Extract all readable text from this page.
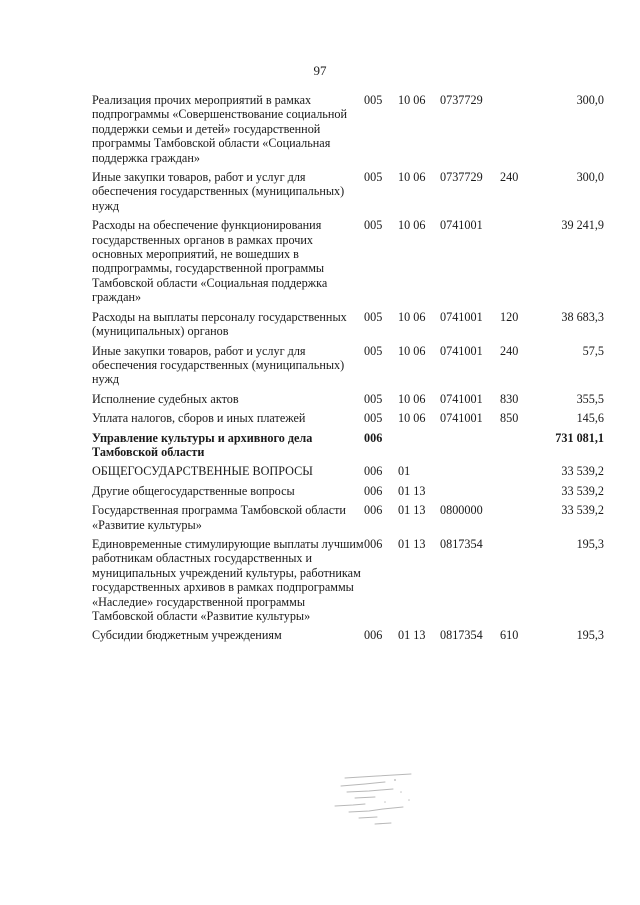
97
Реализация прочих мероприятий в рамках подпрограммы «Совершенствование социальной поддержки семьи и детей» государственной программы Тамбовской области «Социальная поддержка граждан»	005	10 06	0737729		300,0
Иные закупки товаров, работ и услуг для обеспечения государственных (муниципальных) нужд	005	10 06	0737729	240	300,0
Расходы на обеспечение функционирования государственных органов в рамках прочих основных мероприятий, не вошедших в подпрограммы, государственной программы Тамбовской области «Социальная поддержка граждан»	005	10 06	0741001		39 241,9
Расходы на выплаты персоналу государственных (муниципальных) органов	005	10 06	0741001	120	38 683,3
Иные закупки товаров, работ и услуг для обеспечения государственных (муниципальных) нужд	005	10 06	0741001	240	57,5
Исполнение судебных актов	005	10 06	0741001	830	355,5
Уплата налогов, сборов и иных платежей	005	10 06	0741001	850	145,6
Управление культуры и архивного дела Тамбовской области	006				731 081,1
ОБЩЕГОСУДАРСТВЕННЫЕ ВОПРОСЫ	006	01			33 539,2
Другие общегосударственные вопросы	006	01 13			33 539,2
Государственная программа Тамбовской области «Развитие культуры»	006	01 13	0800000		33 539,2
Единовременные стимулирующие выплаты лучшим работникам областных государственных и муниципальных учреждений культуры, работникам государственных архивов в рамках подпрограммы «Наследие» государственной программы Тамбовской области «Развитие культуры»	006	01 13	0817354		195,3
Субсидии бюджетным учреждениям	006	01 13	0817354	610	195,3
